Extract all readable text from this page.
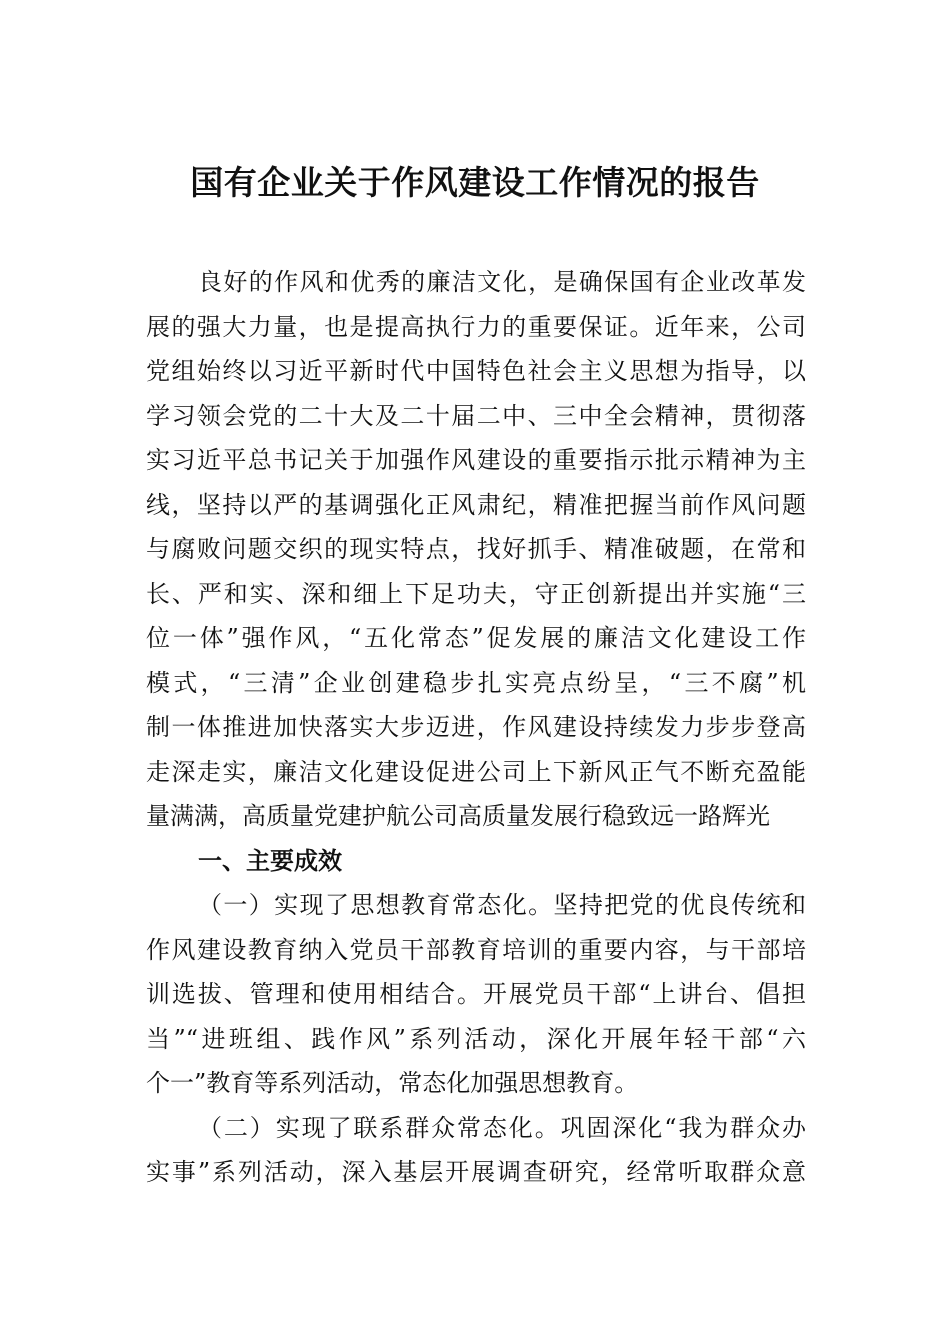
国有企业关于作风建设工作情况的报告
良好的作风和优秀的廉洁文化，是确保国有企业改革发
展的强大力量，也是提高执行力的重要保证。近年来，公司
党组始终以习近平新时代中国特色社会主义思想为指导，以
学习领会党的二十大及二十届二中、三中全会精神，贯彻落
实习近平总书记关于加强作风建设的重要指示批示精神为主
线，坚持以严的基调强化正风肃纪，精准把握当前作风问题
与腐败问题交织的现实特点，找好抓手、精准破题，在常和
长、严和实、深和细上下足功夫，守正创新提出并实施“三
位一体”强作风，“五化常态”促发展的廉洁文化建设工作
模式，“三清”企业创建稳步扎实亮点纷呈，“三不腐”机
制一体推进加快落实大步迈进，作风建设持续发力步步登高
走深走实，廉洁文化建设促进公司上下新风正气不断充盈能
量满满，高质量党建护航公司高质量发展行稳致远一路辉光
一、主要成效
（一）实现了思想教育常态化。坚持把党的优良传统和
作风建设教育纳入党员干部教育培训的重要内容，与干部培
训选拔、管理和使用相结合。开展党员干部“上讲台、倡担
当”“进班组、践作风”系列活动，深化开展年轻干部“六
个一”教育等系列活动，常态化加强思想教育。
（二）实现了联系群众常态化。巩固深化“我为群众办
实事”系列活动，深入基层开展调查研究，经常听取群众意
